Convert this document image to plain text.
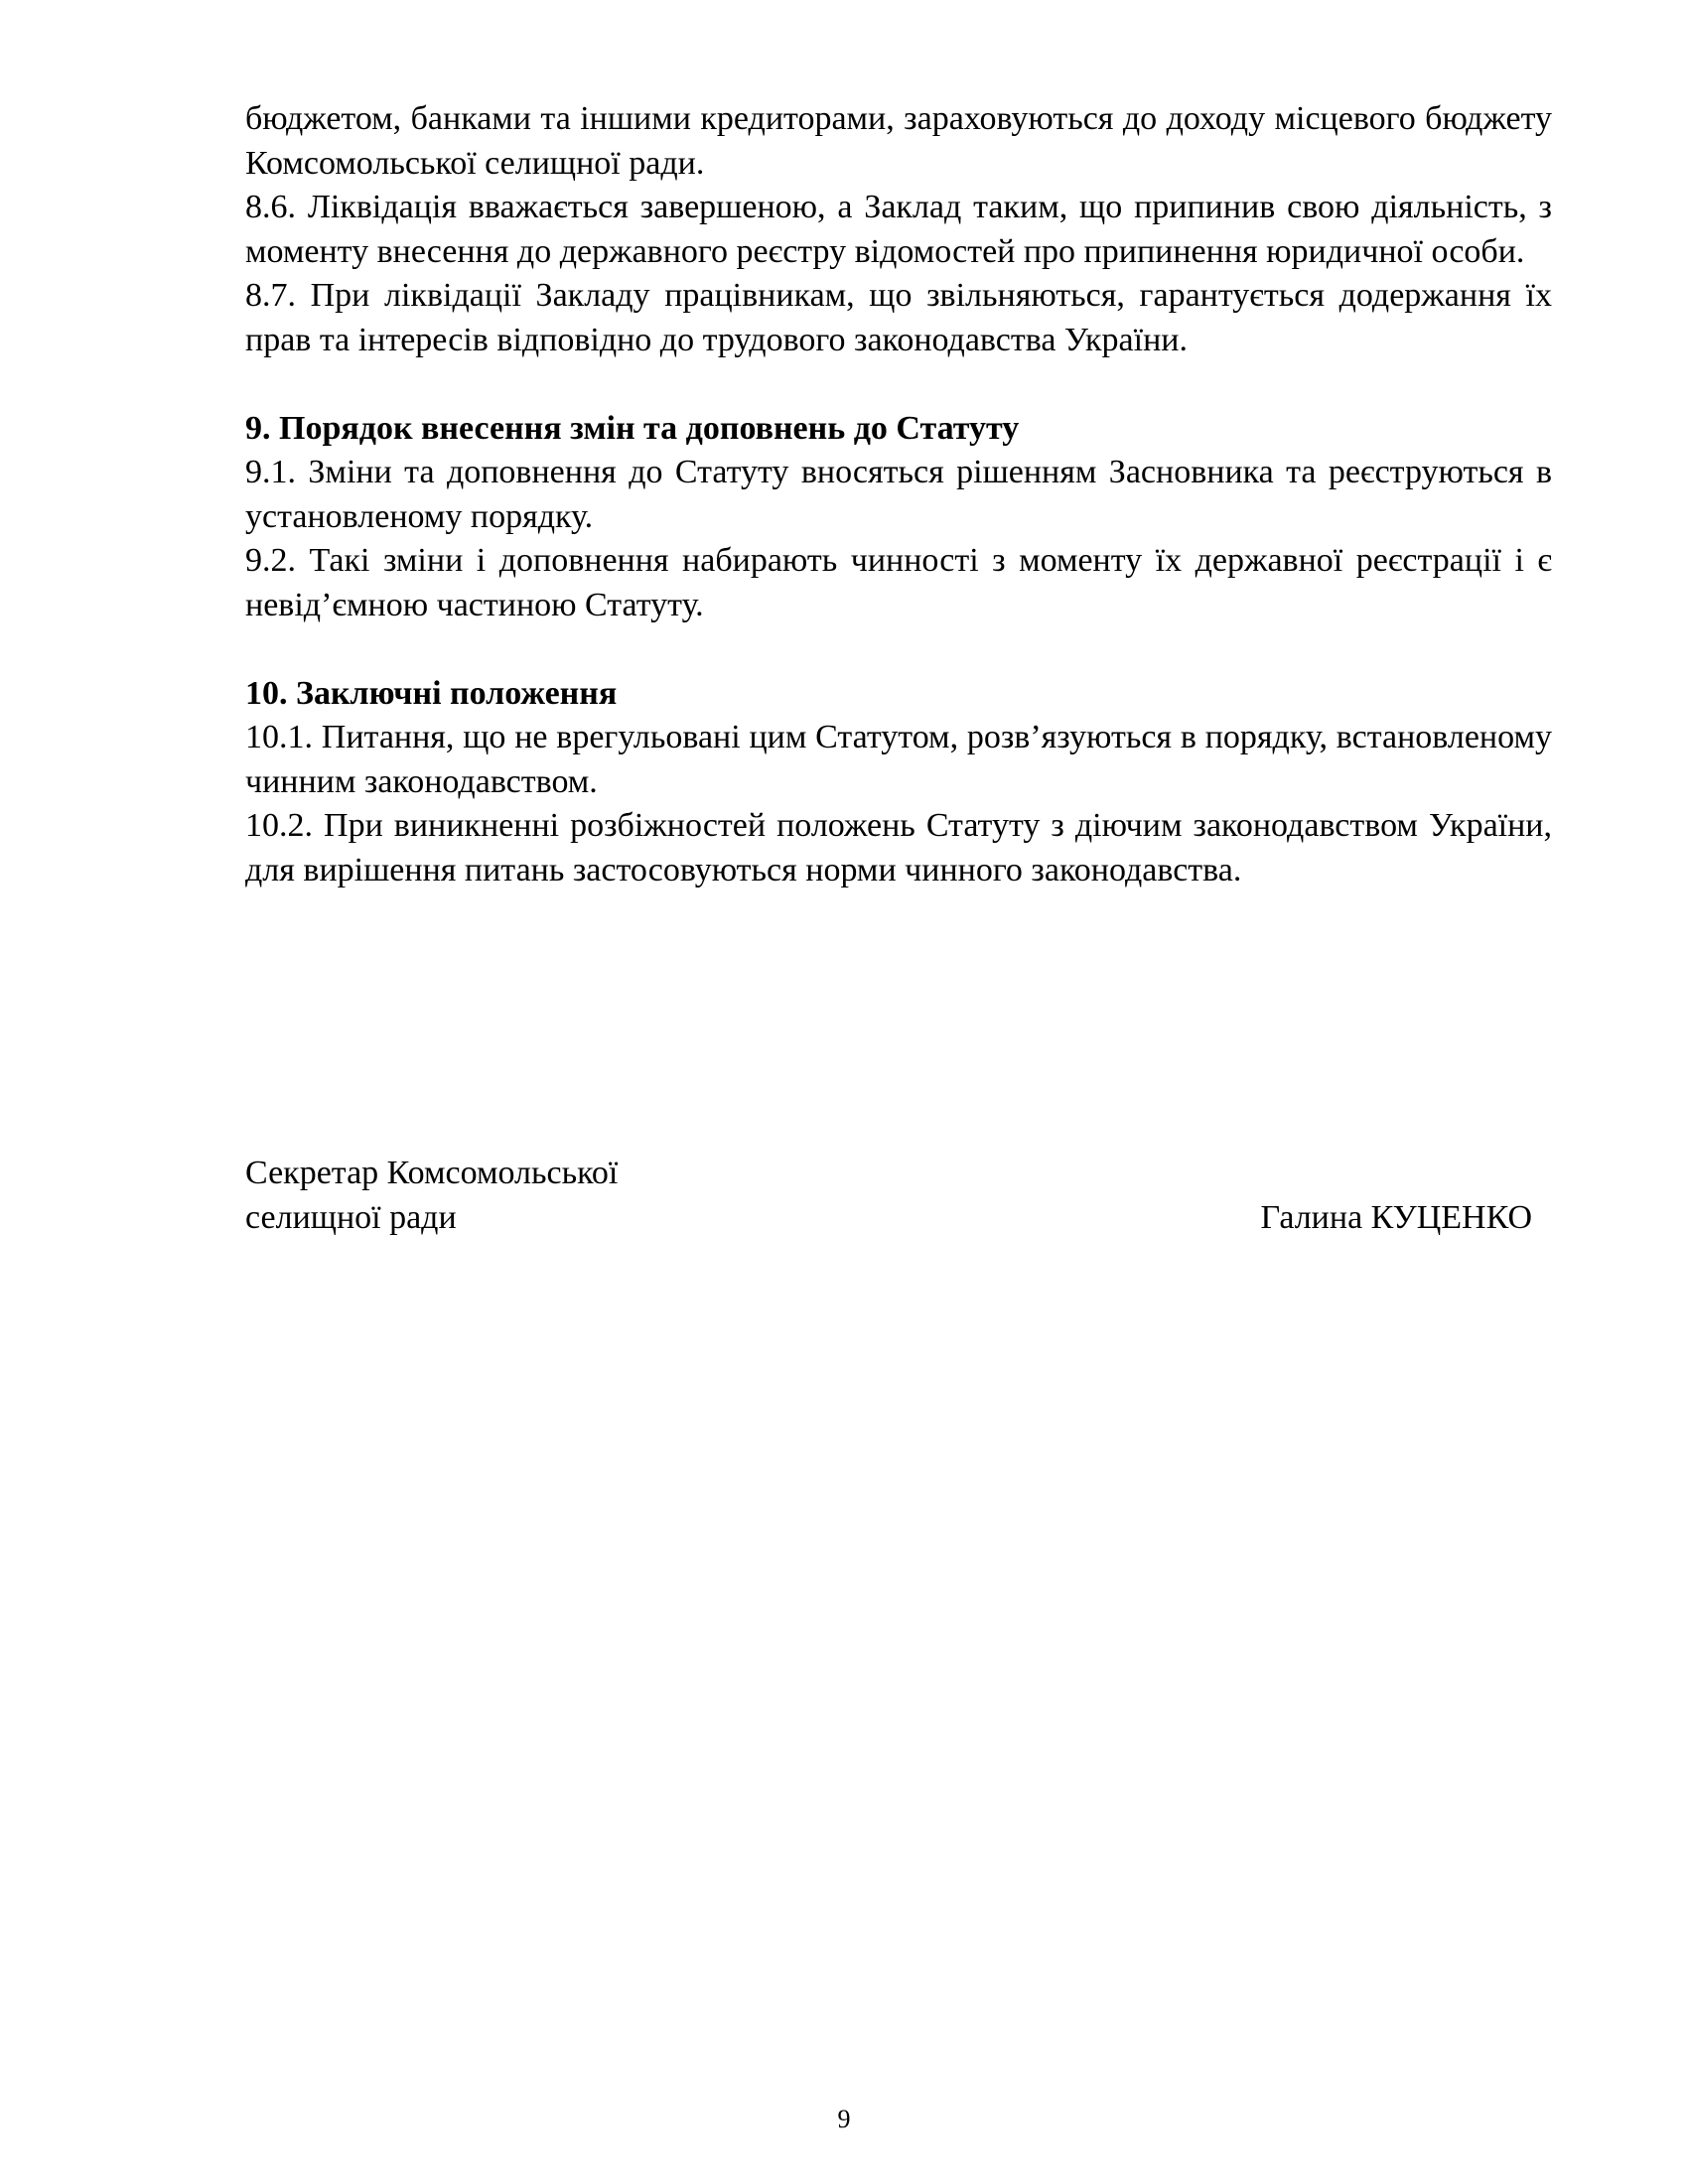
бюджетом, банками та іншими кредиторами, зараховуються до доходу місцевого бюджету Комсомольської селищної ради.

8.6. Ліквідація вважається завершеною, а Заклад таким, що припинив свою діяльність, з моменту внесення до державного реєстру відомостей про припинення юридичної особи.

8.7. При ліквідації Закладу працівникам, що звільняються, гарантується додержання їх прав та інтересів відповідно до трудового законодавства України.

9. Порядок внесення змін та доповнень до Статуту

9.1. Зміни та доповнення до Статуту вносяться рішенням Засновника та реєструються в установленому порядку.

9.2. Такі зміни і доповнення набирають чинності з моменту їх державної реєстрації і є невід’ємною частиною Статуту.

10. Заключні положення

10.1. Питання, що не врегульовані цим Статутом, розв’язуються в порядку, встановленому чинним законодавством.

10.2. При виникненні розбіжностей положень Статуту з діючим законодавством України, для вирішення питань застосовуються норми чинного законодавства.

Секретар Комсомольської
селищної ради	Галина КУЦЕНКО
9
